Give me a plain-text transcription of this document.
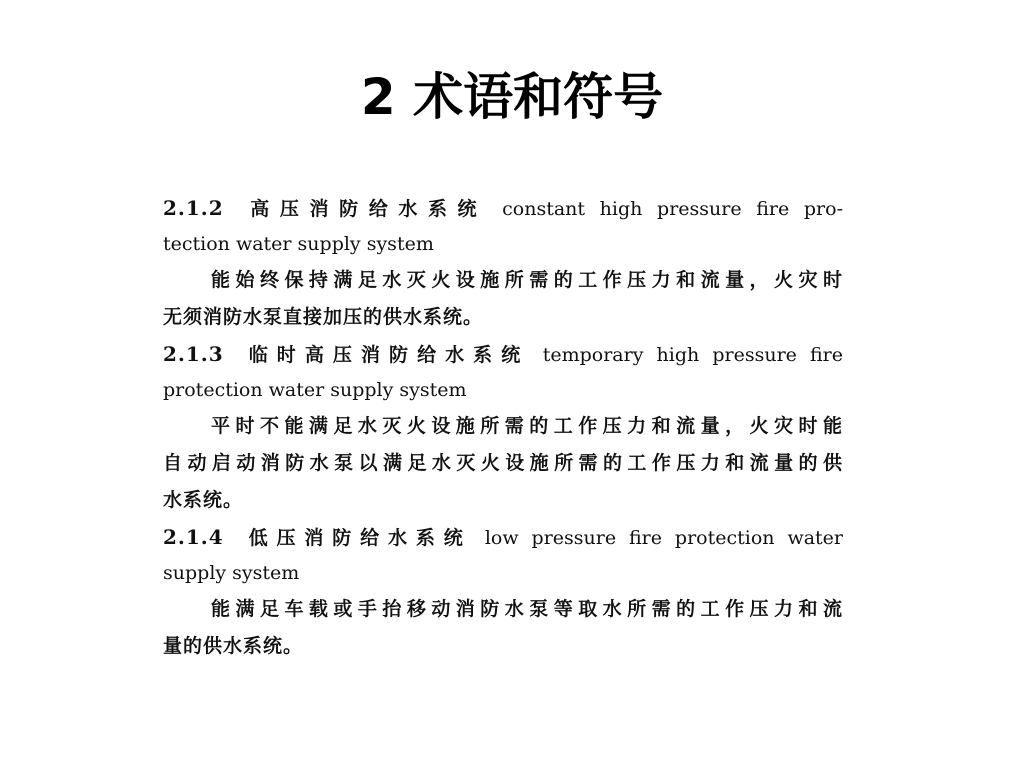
2 术语和符号
2.1.2 高压消防给水系统 constant high pressure fire pro-
tection water supply system
能始终保持满足水灭火设施所需的工作压力和流量，火灾时
无须消防水泵直接加压的供水系统。
2.1.3 临时高压消防给水系统 temporary high pressure fire
protection water supply system
平时不能满足水灭火设施所需的工作压力和流量，火灾时能
自动启动消防水泵以满足水灭火设施所需的工作压力和流量的供
水系统。
2.1.4 低压消防给水系统 low pressure fire protection water
supply system
能满足车载或手抬移动消防水泵等取水所需的工作压力和流
量的供水系统。
